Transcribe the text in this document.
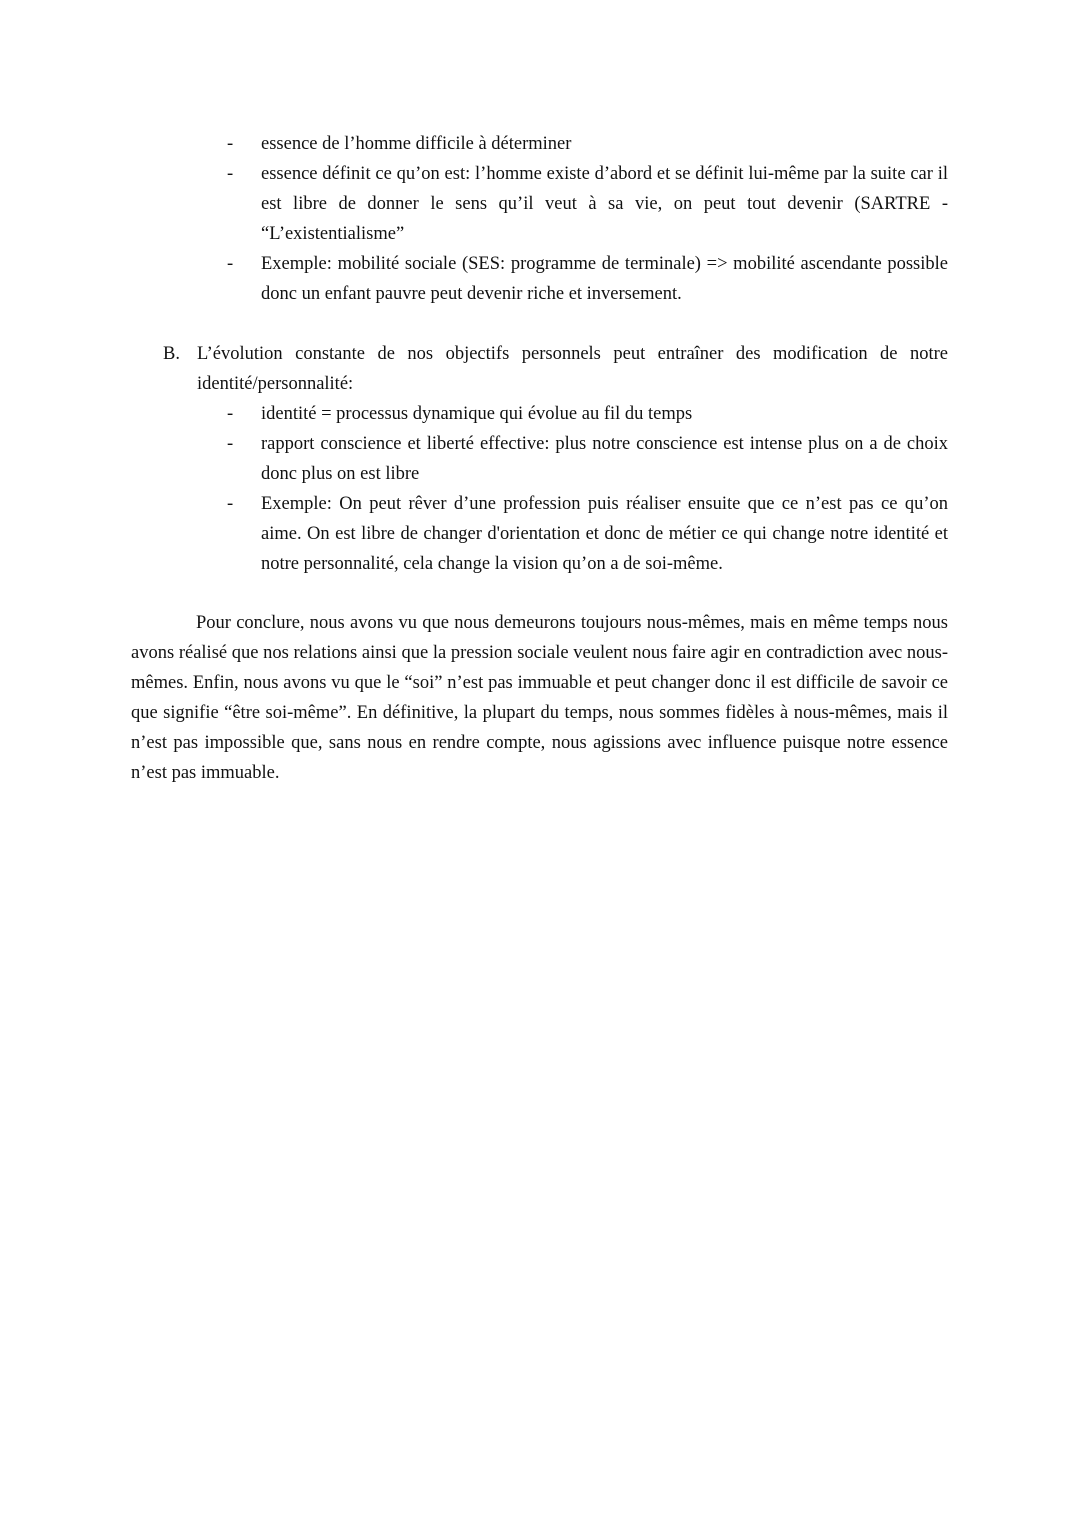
- essence de l’homme difficile à déterminer
- essence définit ce qu’on est: l’homme existe d’abord et se définit lui-même par la suite car il est libre de donner le sens qu’il veut à sa vie, on peut tout devenir (SARTRE - “L’existentialisme”
- Exemple: mobilité sociale (SES: programme de terminale) => mobilité ascendante possible donc un enfant pauvre peut devenir riche et inversement.
B. L’évolution constante de nos objectifs personnels peut entraîner des modification de notre identité/personnalité:
- identité = processus dynamique qui évolue au fil du temps
- rapport conscience et liberté effective: plus notre conscience est intense plus on a de choix donc plus on est libre
- Exemple: On peut rêver d’une profession puis réaliser ensuite que ce n’est pas ce qu’on aime. On est libre de changer d'orientation et donc de métier ce qui change notre identité et notre personnalité, cela change la vision qu’on a de soi-même.

Pour conclure, nous avons vu que nous demeurons toujours nous-mêmes, mais en même temps nous avons réalisé que nos relations ainsi que la pression sociale veulent nous faire agir en contradiction avec nous-mêmes. Enfin, nous avons vu que le “soi” n’est pas immuable et peut changer donc il est difficile de savoir ce que signifie “être soi-même”. En définitive, la plupart du temps, nous sommes fidèles à nous-mêmes, mais il n’est pas impossible que, sans nous en rendre compte, nous agissions avec influence puisque notre essence n’est pas immuable.
